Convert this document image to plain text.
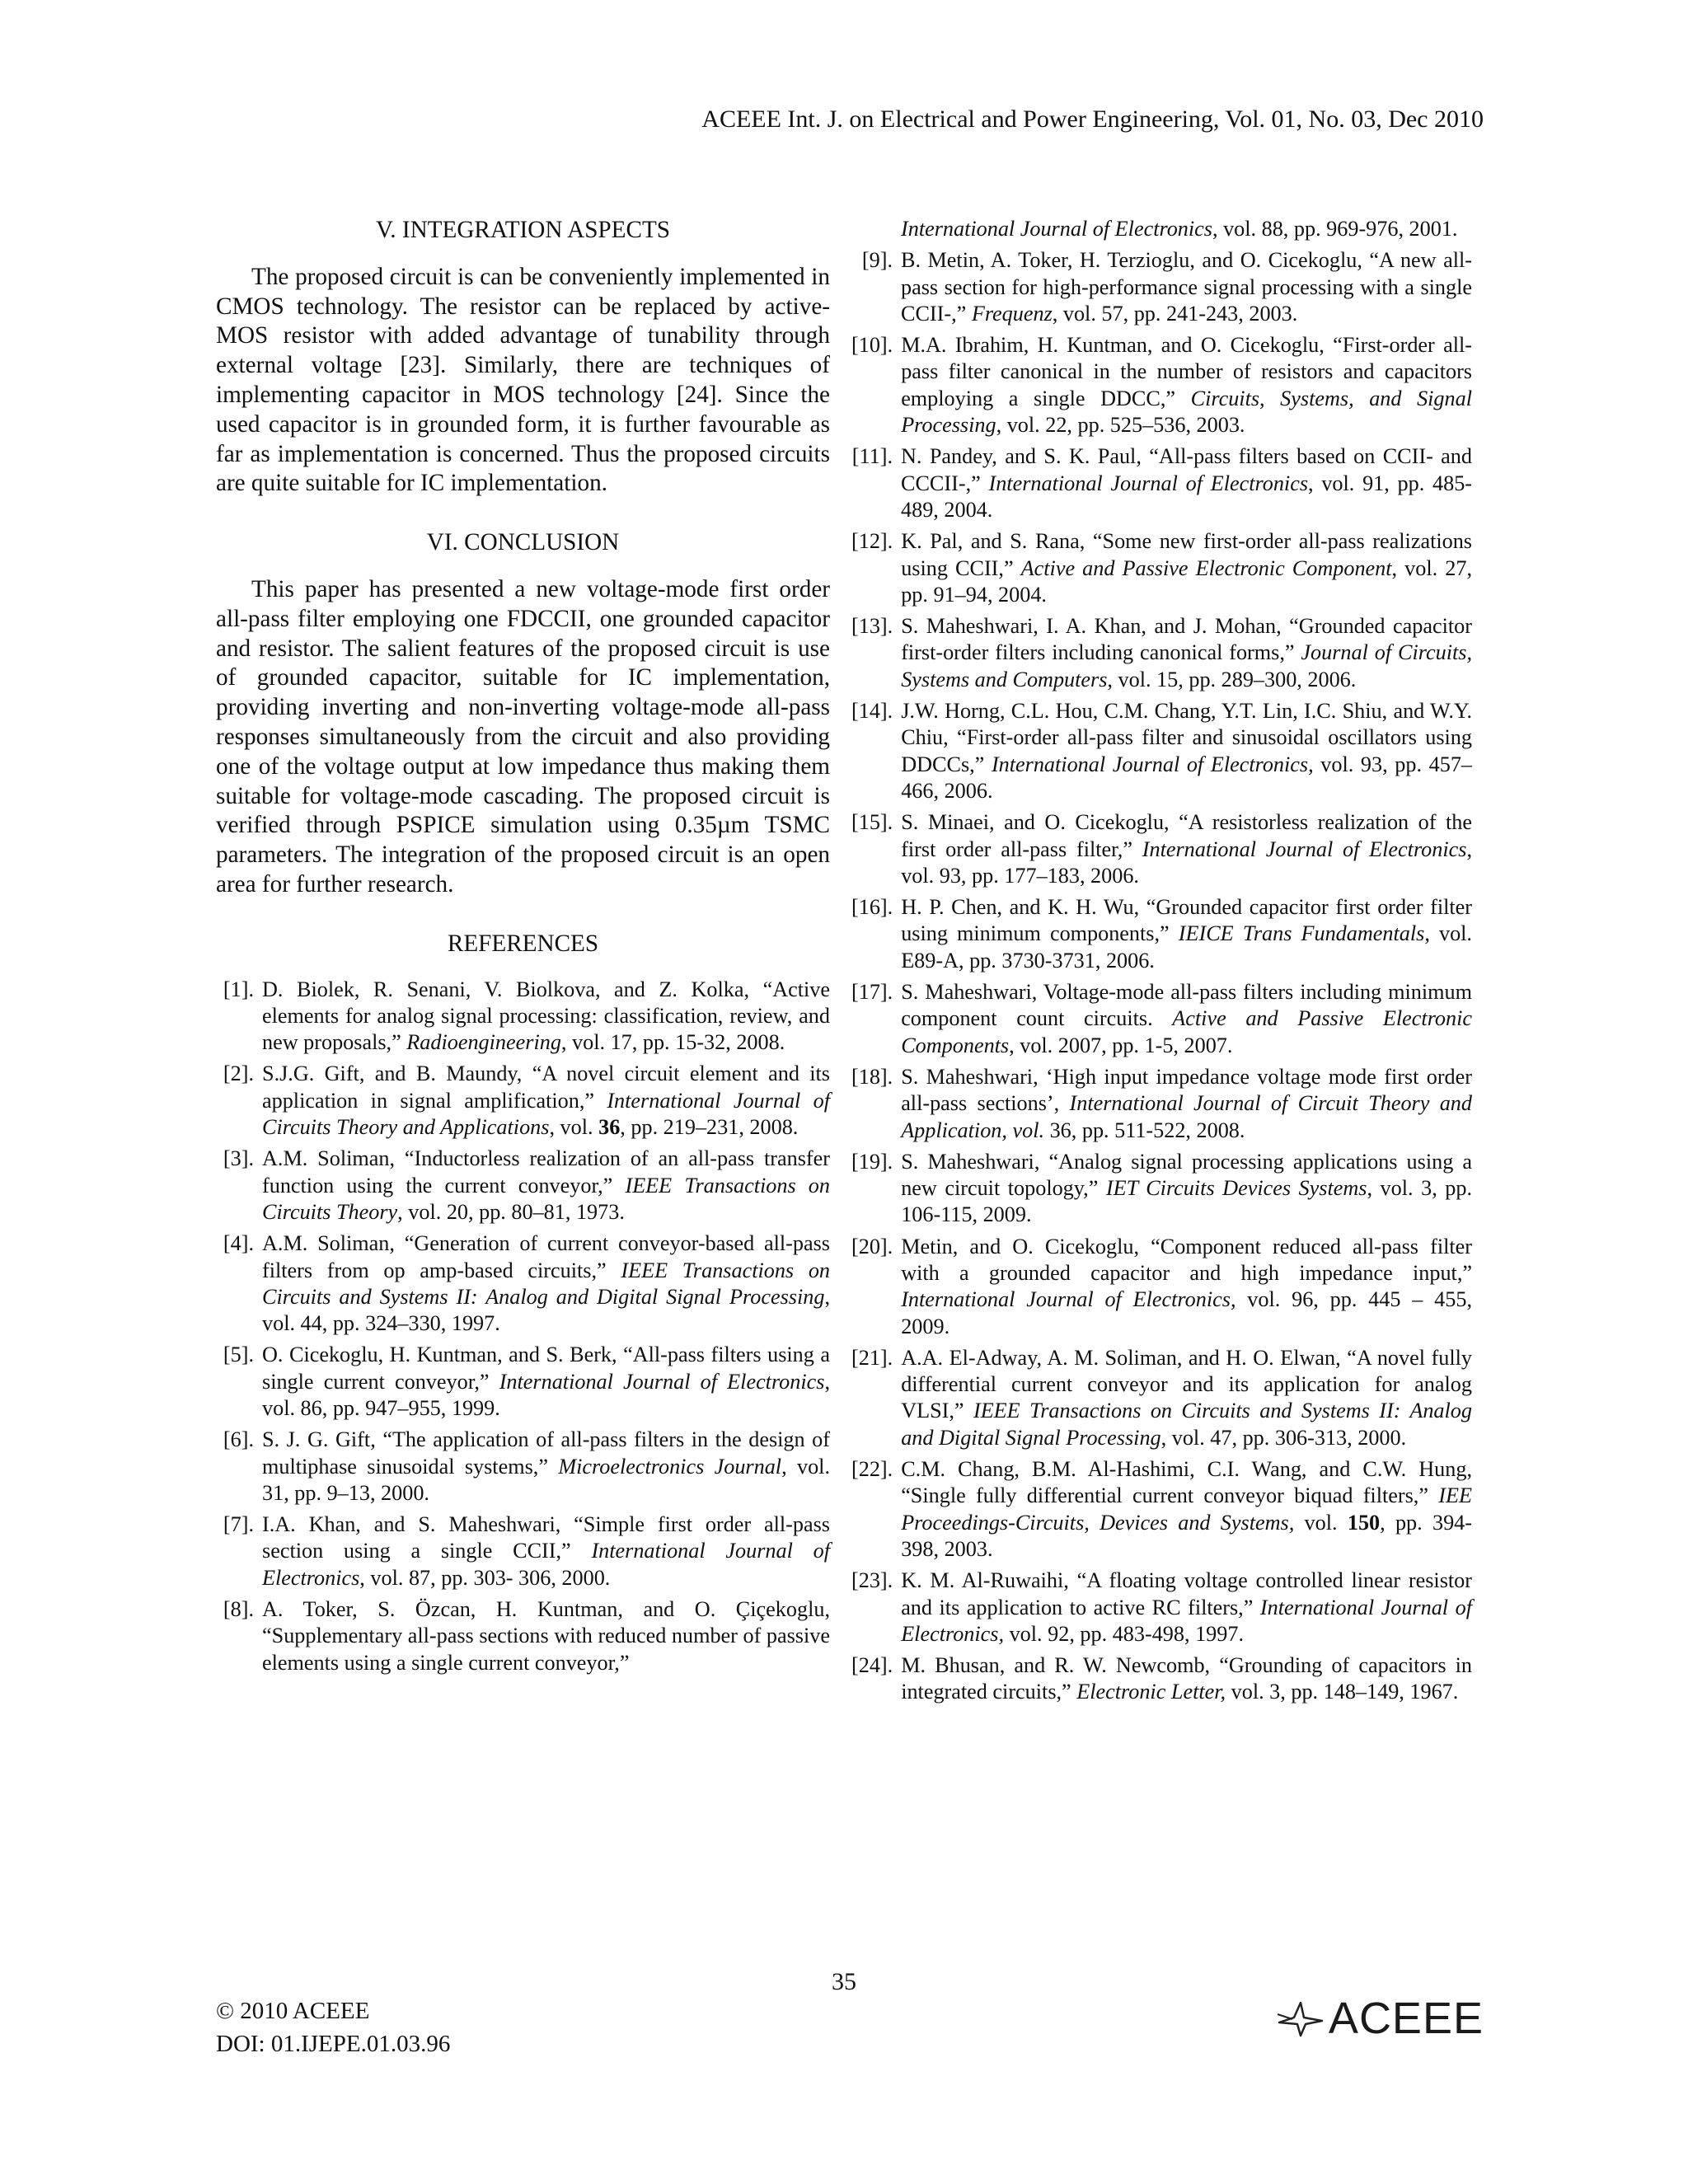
ACEEE Int. J. on Electrical and Power Engineering, Vol. 01, No. 03, Dec 2010
V. INTEGRATION ASPECTS

The proposed circuit is can be conveniently implemented in CMOS technology. The resistor can be replaced by active-MOS resistor with added advantage of tunability through external voltage [23]. Similarly, there are techniques of implementing capacitor in MOS technology [24]. Since the used capacitor is in grounded form, it is further favourable as far as implementation is concerned. Thus the proposed circuits are quite suitable for IC implementation.

VI. CONCLUSION

This paper has presented a new voltage-mode first order all-pass filter employing one FDCCII, one grounded capacitor and resistor. The salient features of the proposed circuit is use of grounded capacitor, suitable for IC implementation, providing inverting and non-inverting voltage-mode all-pass responses simultaneously from the circuit and also providing one of the voltage output at low impedance thus making them suitable for voltage-mode cascading. The proposed circuit is verified through PSPICE simulation using 0.35µm TSMC parameters. The integration of the proposed circuit is an open area for further research.

REFERENCES
[1]. D. Biolek, R. Senani, V. Biolkova, and Z. Kolka, “Active elements for analog signal processing: classification, review, and new proposals,” Radioengineering, vol. 17, pp. 15-32, 2008.
[2]. S.J.G. Gift, and B. Maundy, “A novel circuit element and its application in signal amplification,” International Journal of Circuits Theory and Applications, vol. 36, pp. 219–231, 2008.
[3]. A.M. Soliman, “Inductorless realization of an all-pass transfer function using the current conveyor,” IEEE Transactions on Circuits Theory, vol. 20, pp. 80–81, 1973.
[4]. A.M. Soliman, “Generation of current conveyor-based all-pass filters from op amp-based circuits,” IEEE Transactions on Circuits and Systems II: Analog and Digital Signal Processing, vol. 44, pp. 324–330, 1997.
[5]. O. Cicekoglu, H. Kuntman, and S. Berk, “All-pass filters using a single current conveyor,” International Journal of Electronics, vol. 86, pp. 947–955, 1999.
[6]. S. J. G. Gift, “The application of all-pass filters in the design of multiphase sinusoidal systems,” Microelectronics Journal, vol. 31, pp. 9–13, 2000.
[7]. I.A. Khan, and S. Maheshwari, “Simple first order all-pass section using a single CCII,” International Journal of Electronics, vol. 87, pp. 303- 306, 2000.
[8]. A. Toker, S. Özcan, H. Kuntman, and O. Çiçekoglu, “Supplementary all-pass sections with reduced number of passive elements using a single current conveyor,”
International Journal of Electronics, vol. 88, pp. 969-976, 2001.
[9]. B. Metin, A. Toker, H. Terzioglu, and O. Cicekoglu, “A new all-pass section for high-performance signal processing with a single CCII-,” Frequenz, vol. 57, pp. 241-243, 2003.
[10]. M.A. Ibrahim, H. Kuntman, and O. Cicekoglu, “First-order all-pass filter canonical in the number of resistors and capacitors employing a single DDCC,” Circuits, Systems, and Signal Processing, vol. 22, pp. 525–536, 2003.
[11]. N. Pandey, and S. K. Paul, “All-pass filters based on CCII- and CCCII-,” International Journal of Electronics, vol. 91, pp. 485-489, 2004.
[12]. K. Pal, and S. Rana, “Some new first-order all-pass realizations using CCII,” Active and Passive Electronic Component, vol. 27, pp. 91–94, 2004.
[13]. S. Maheshwari, I. A. Khan, and J. Mohan, “Grounded capacitor first-order filters including canonical forms,” Journal of Circuits, Systems and Computers, vol. 15, pp. 289–300, 2006.
[14]. J.W. Horng, C.L. Hou, C.M. Chang, Y.T. Lin, I.C. Shiu, and W.Y. Chiu, “First-order all-pass filter and sinusoidal oscillators using DDCCs,” International Journal of Electronics, vol. 93, pp. 457–466, 2006.
[15]. S. Minaei, and O. Cicekoglu, “A resistorless realization of the first order all-pass filter,” International Journal of Electronics, vol. 93, pp. 177–183, 2006.
[16]. H. P. Chen, and K. H. Wu, “Grounded capacitor first order filter using minimum components,” IEICE Trans Fundamentals, vol. E89-A, pp. 3730-3731, 2006.
[17]. S. Maheshwari, Voltage-mode all-pass filters including minimum component count circuits. Active and Passive Electronic Components, vol. 2007, pp. 1-5, 2007.
[18]. S. Maheshwari, ‘High input impedance voltage mode first order all-pass sections’, International Journal of Circuit Theory and Application, vol. 36, pp. 511-522, 2008.
[19]. S. Maheshwari, “Analog signal processing applications using a new circuit topology,” IET Circuits Devices Systems, vol. 3, pp. 106-115, 2009.
[20]. Metin, and O. Cicekoglu, “Component reduced all-pass filter with a grounded capacitor and high impedance input,” International Journal of Electronics, vol. 96, pp. 445 – 455, 2009.
[21]. A.A. El-Adway, A. M. Soliman, and H. O. Elwan, “A novel fully differential current conveyor and its application for analog VLSI,” IEEE Transactions on Circuits and Systems II: Analog and Digital Signal Processing, vol. 47, pp. 306-313, 2000.
[22]. C.M. Chang, B.M. Al-Hashimi, C.I. Wang, and C.W. Hung, “Single fully differential current conveyor biquad filters,” IEE Proceedings-Circuits, Devices and Systems, vol. 150, pp. 394-398, 2003.
[23]. K. M. Al-Ruwaihi, “A floating voltage controlled linear resistor and its application to active RC filters,” International Journal of Electronics, vol. 92, pp. 483-498, 1997.
[24]. M. Bhusan, and R. W. Newcomb, “Grounding of capacitors in integrated circuits,” Electronic Letter, vol. 3, pp. 148–149, 1967.
35
© 2010 ACEEE
DOI: 01.IJEPE.01.03.96
ACEEE
